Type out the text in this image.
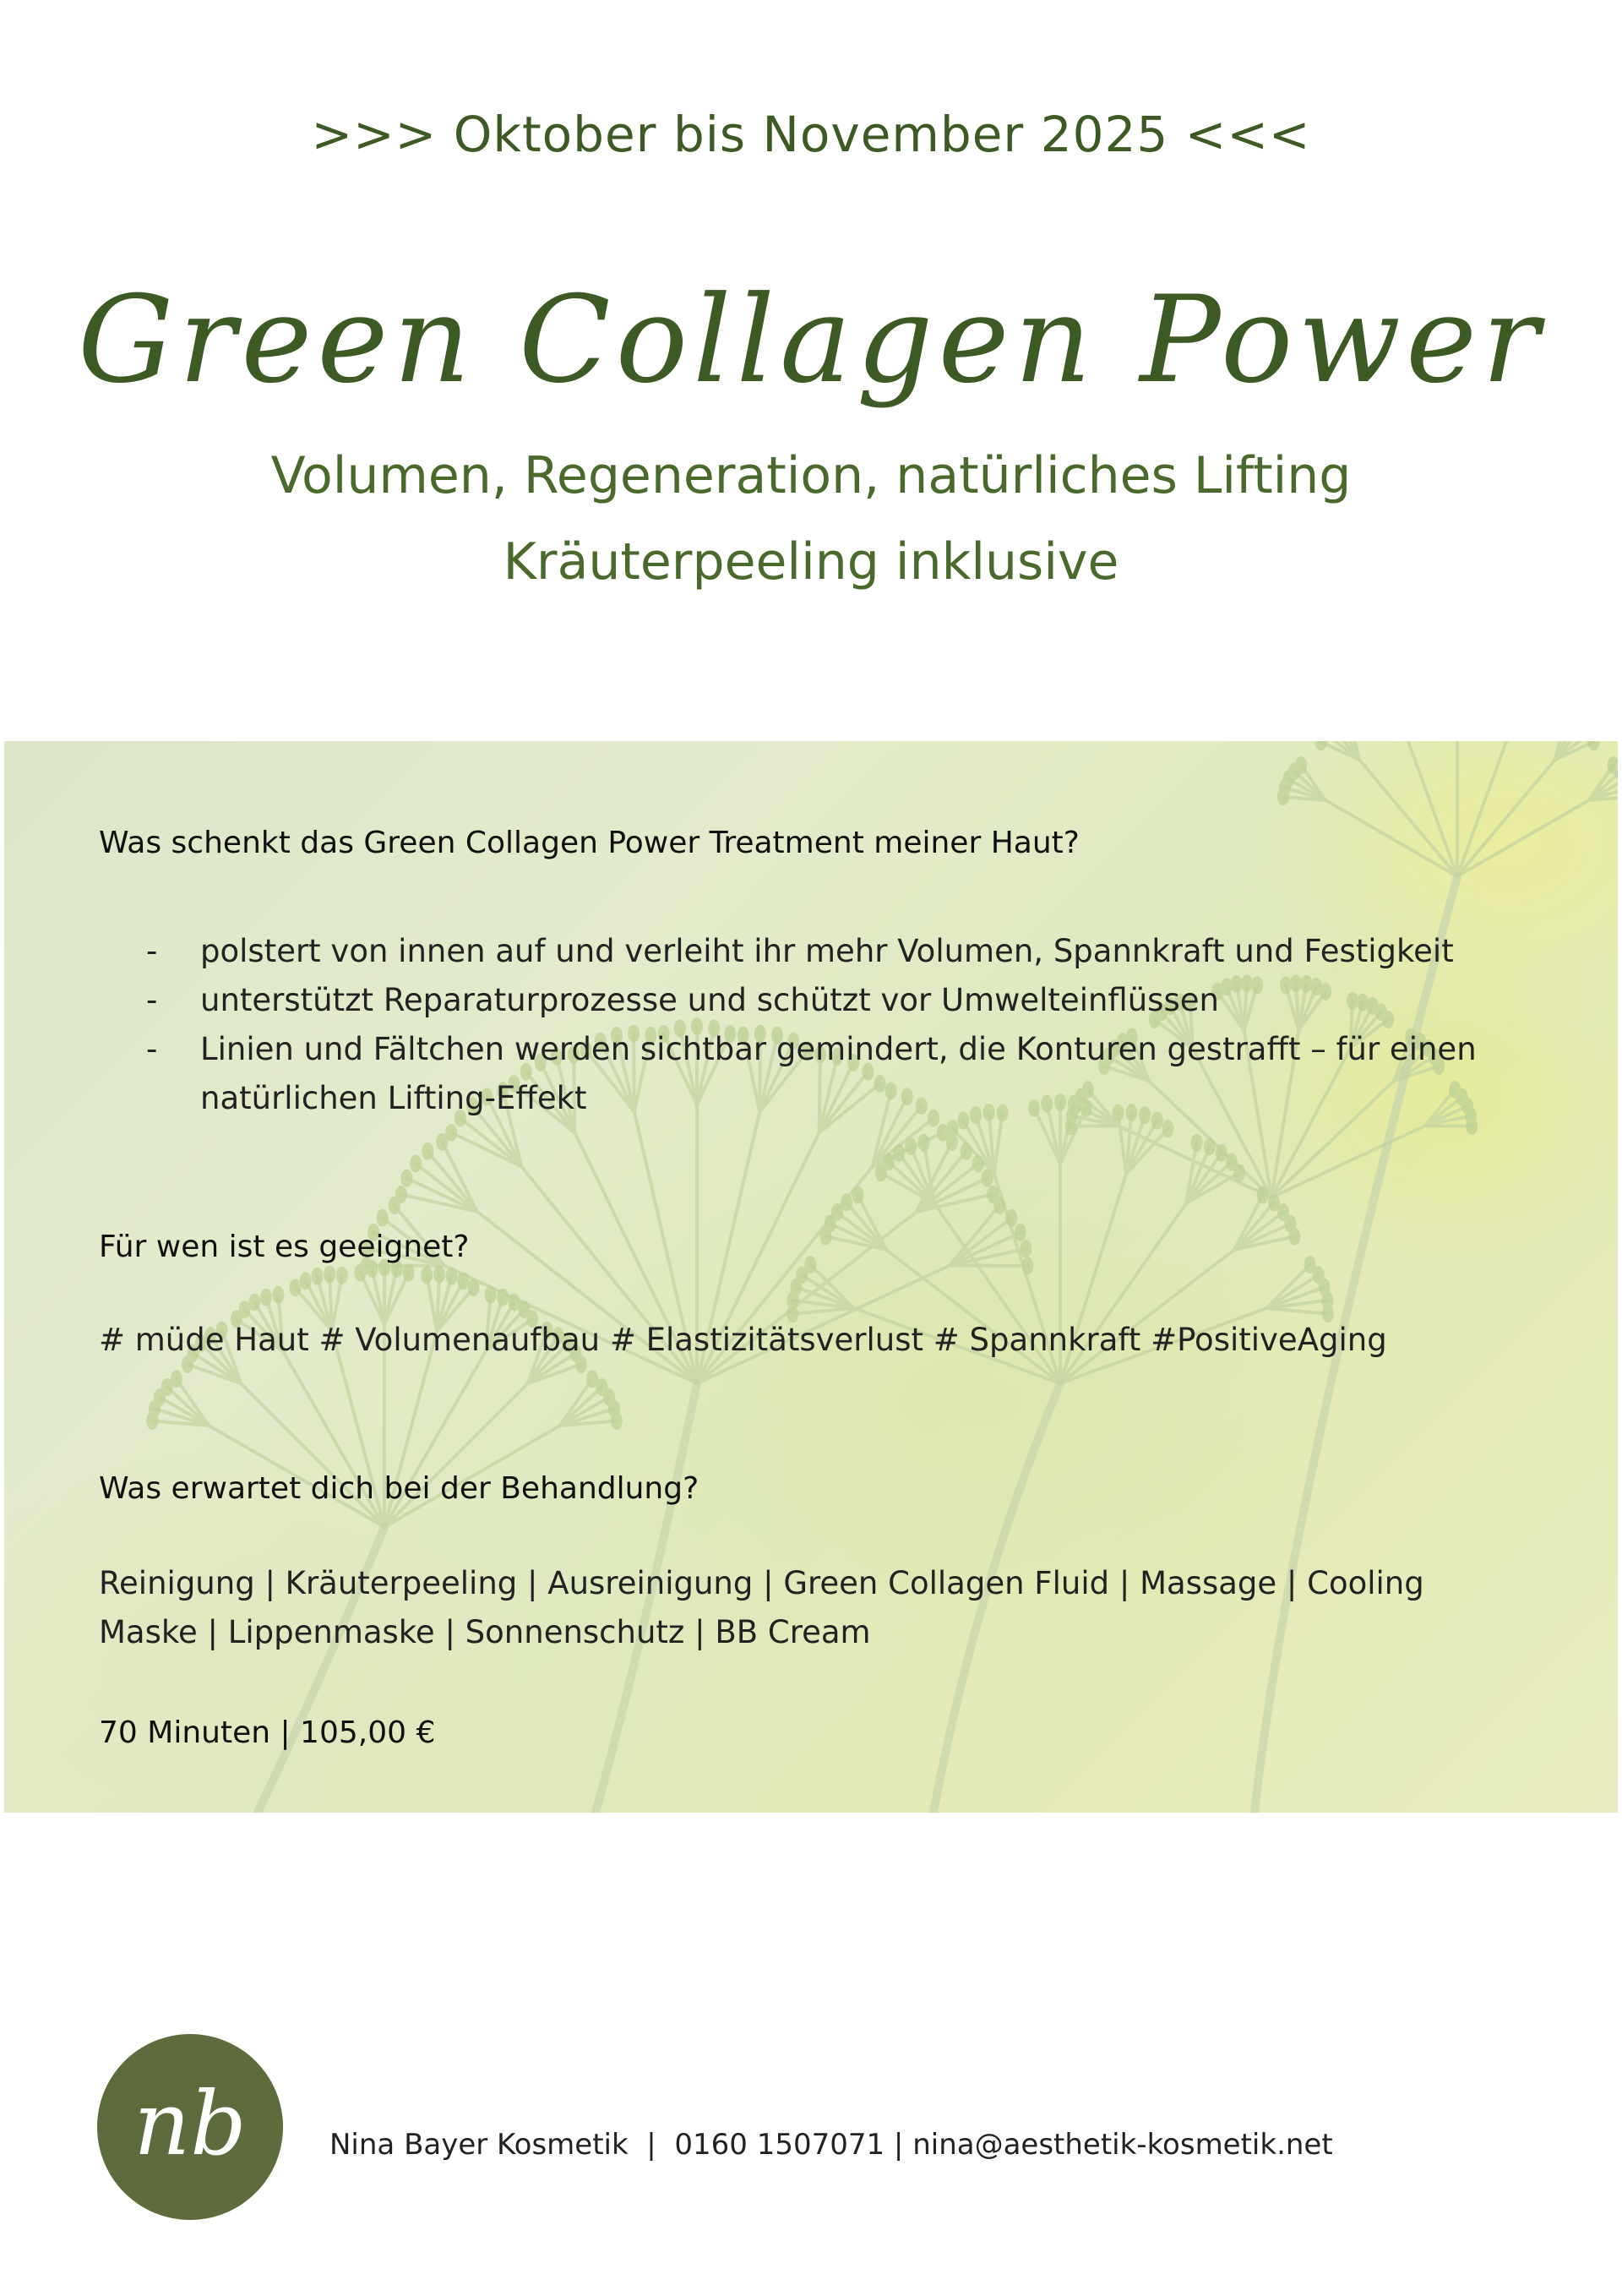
>>> Oktober bis November 2025 <<<
Green Collagen Power
Volumen, Regeneration, natürliches Lifting
Kräuterpeeling inklusive
Was schenkt das Green Collagen Power Treatment meiner Haut?
- polstert von innen auf und verleiht ihr mehr Volumen, Spannkraft und Festigkeit
- unterstützt Reparaturprozesse und schützt vor Umwelteinflüssen
- Linien und Fältchen werden sichtbar gemindert, die Konturen gestrafft – für einen natürlichen Lifting-Effekt
Für wen ist es geeignet?
# müde Haut # Volumenaufbau # Elastizitätsverlust # Spannkraft #PositiveAging
Was erwartet dich bei der Behandlung?
Reinigung | Kräuterpeeling | Ausreinigung | Green Collagen Fluid | Massage | Cooling Maske | Lippenmaske | Sonnenschutz | BB Cream
70 Minuten | 105,00 €
nb	Nina Bayer Kosmetik  |  0160 1507071 | nina@aesthetik-kosmetik.net
